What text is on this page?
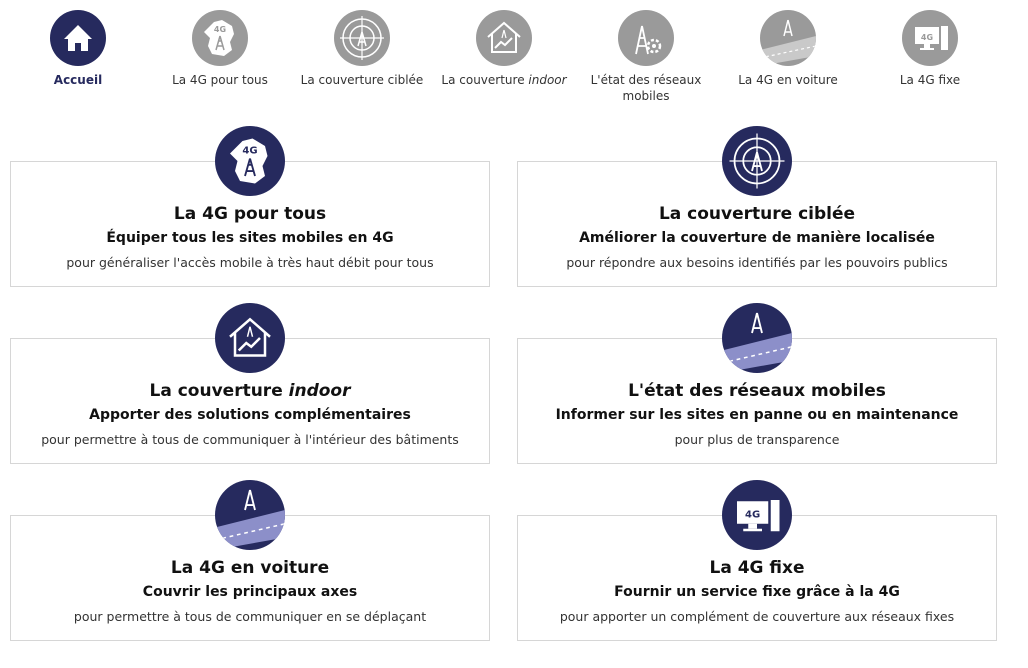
Accueil
4G
La 4G pour tous	La couverture ciblée	La couverture indoor	L'état des réseaux
mobiles
La 4G en voiture
4G
La 4G fixe
La 4G pour tous
Équiper tous les sites mobiles en 4G
pour généraliser l'accès mobile à très haut débit pour tous
4G
La couverture ciblée
Améliorer la couverture de manière localisée
pour répondre aux besoins identifiés par les pouvoirs publics
La couverture indoor
Apporter des solutions complémentaires
pour permettre à tous de communiquer à l'intérieur des bâtiments
L'état des réseaux mobiles
Informer sur les sites en panne ou en maintenance
pour plus de transparence
La 4G en voiture
Couvrir les principaux axes
pour permettre à tous de communiquer en se déplaçant
La 4G fixe
Fournir un service fixe grâce à la 4G
pour apporter un complément de couverture aux réseaux fixes
4G
